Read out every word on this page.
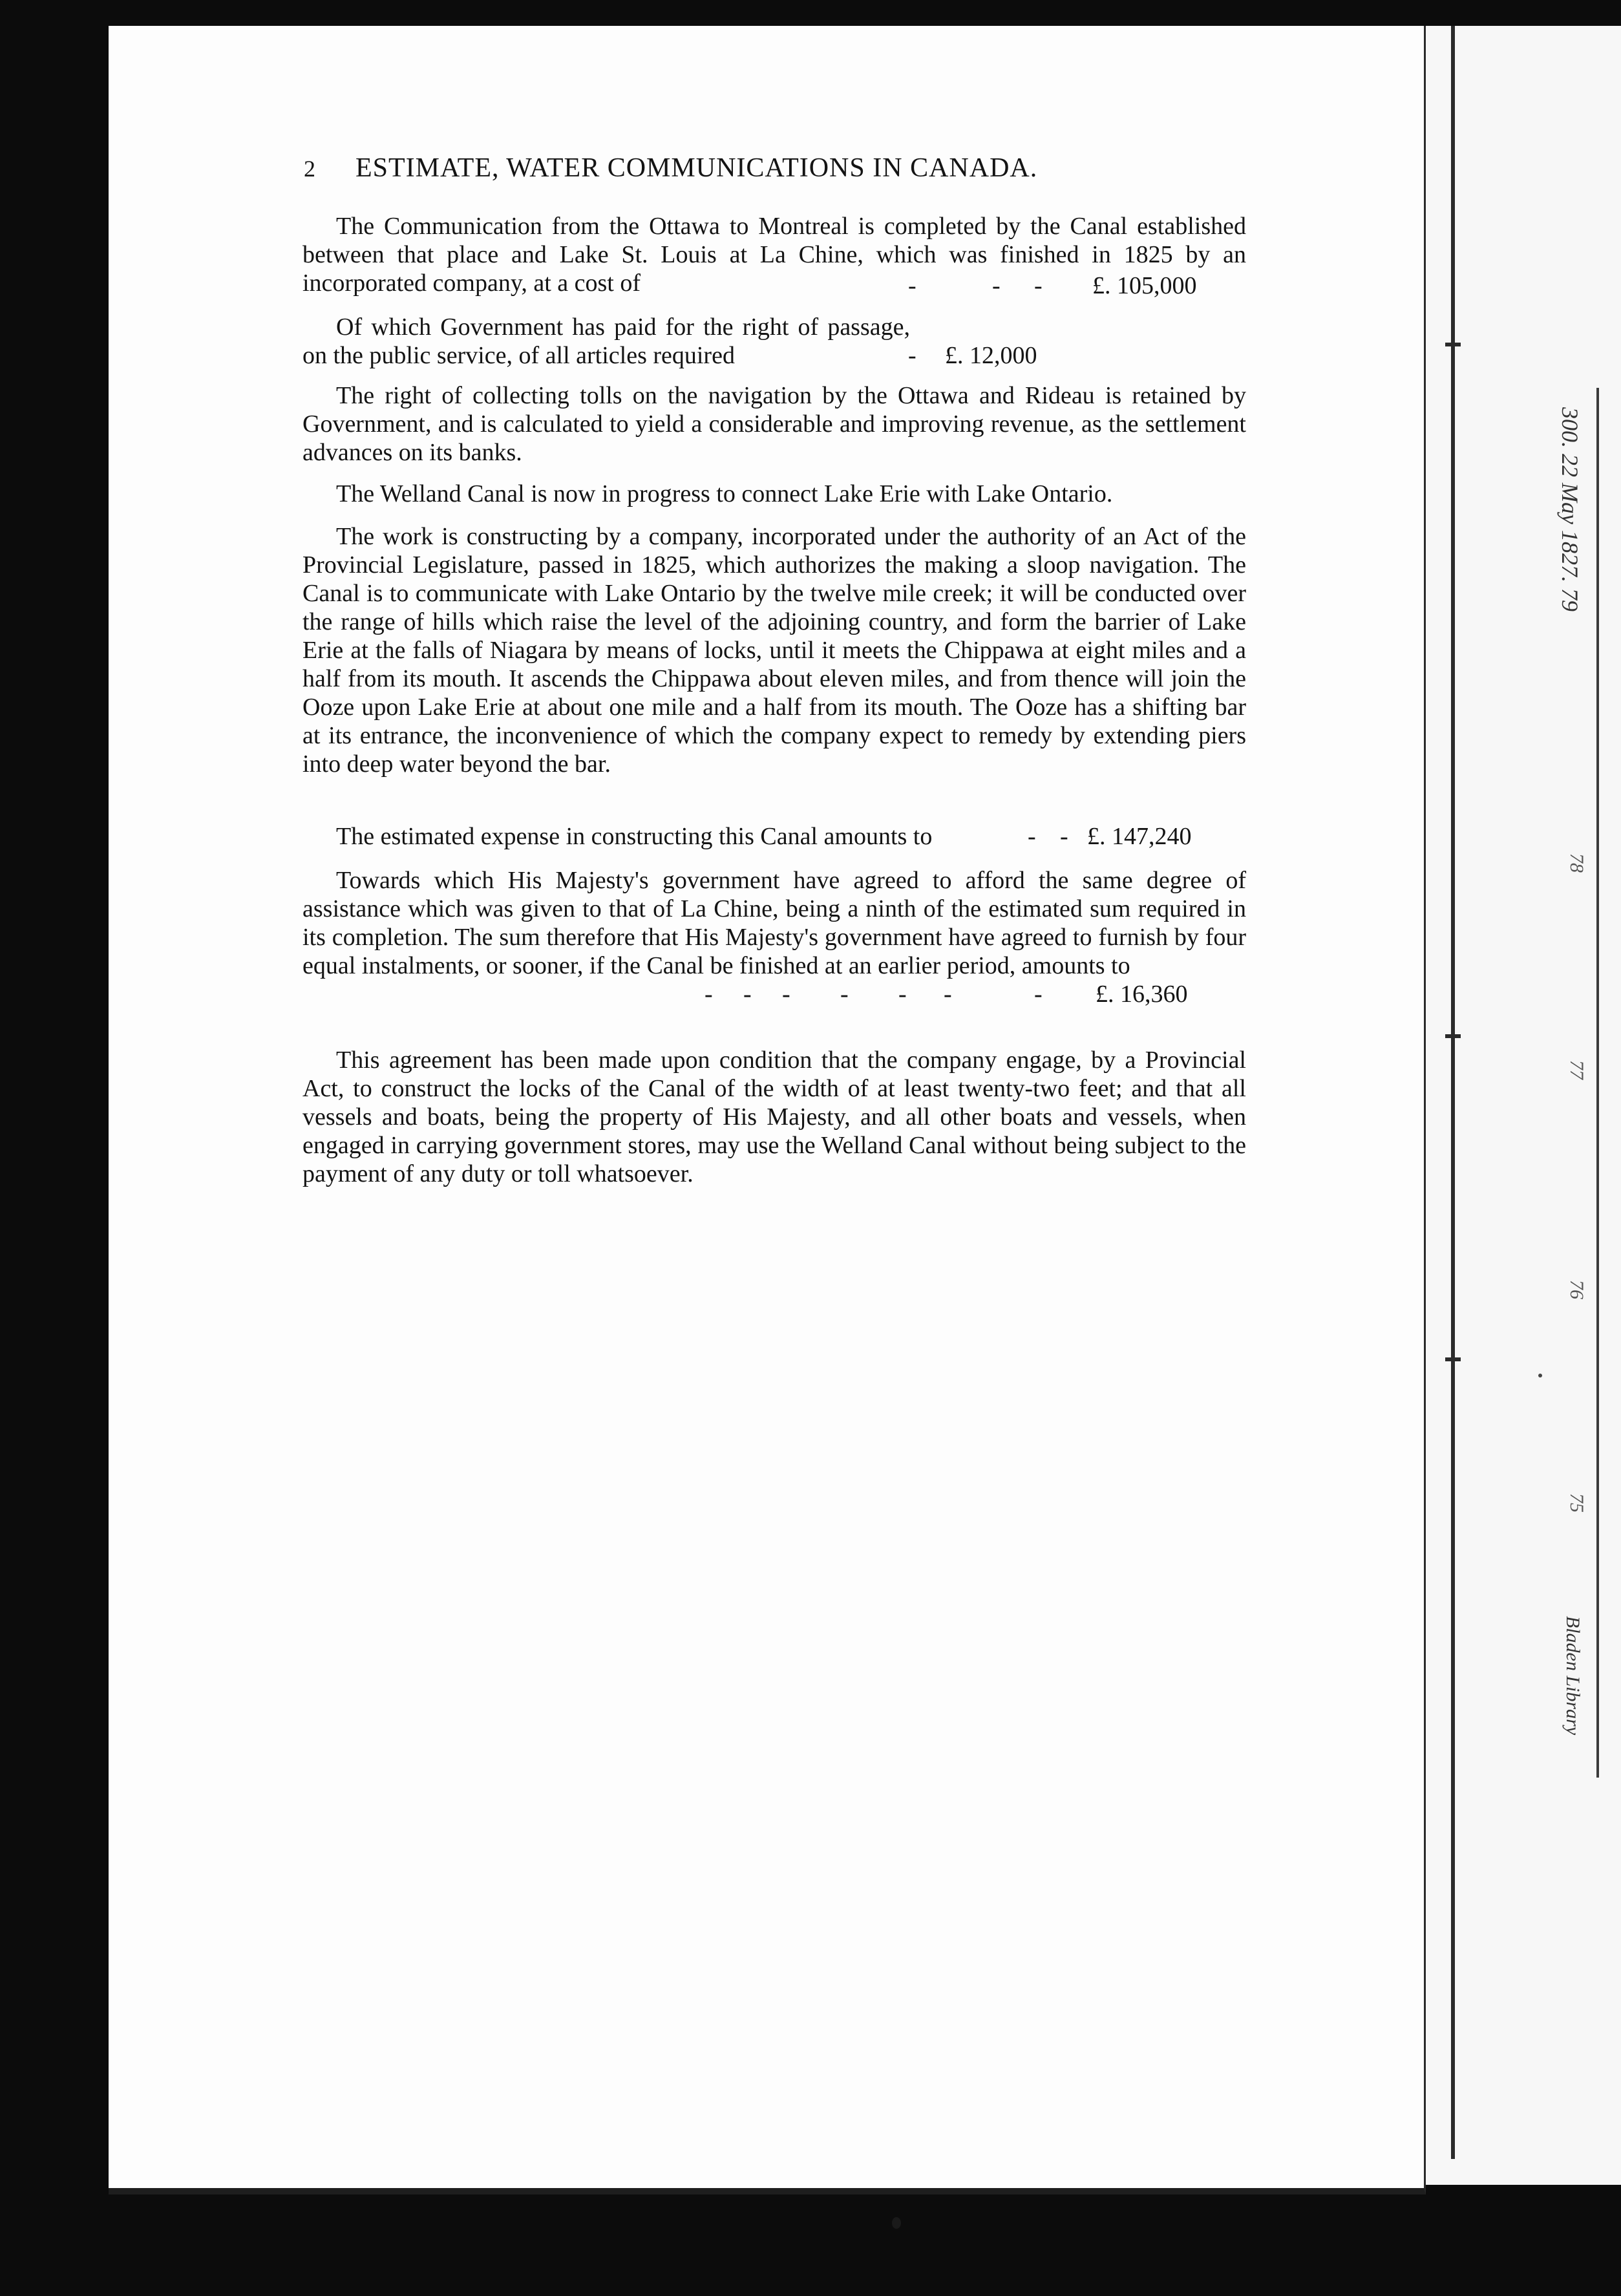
300. 22 May 1827. 79
78
77
76
75
Bladen Library
2 ESTIMATE, WATER COMMUNICATIONS IN CANADA.

The Communication from the Ottawa to Montreal is completed by the Canal established between that place and Lake St. Louis at La Chine, which was finished in 1825 by an incorporated company, at a cost of	-	- - £. 105,000

Of which Government has paid for the right of passage, on the public service, of all articles required	- £. 12,000

The right of collecting tolls on the navigation by the Ottawa and Rideau is retained by Government, and is calculated to yield a considerable and improving revenue, as the settlement advances on its banks.

The Welland Canal is now in progress to connect Lake Erie with Lake Ontario.

The work is constructing by a company, incorporated under the authority of an Act of the Provincial Legislature, passed in 1825, which authorizes the making a sloop navigation. The Canal is to communicate with Lake Ontario by the twelve mile creek; it will be conducted over the range of hills which raise the level of the adjoining country, and form the barrier of Lake Erie at the falls of Niagara by means of locks, until it meets the Chippawa at eight miles and a half from its mouth. It ascends the Chippawa about eleven miles, and from thence will join the Ooze upon Lake Erie at about one mile and a half from its mouth. The Ooze has a shifting bar at its entrance, the inconvenience of which the company expect to remedy by extending piers into deep water beyond the bar.

The estimated expense in constructing this Canal amounts to	- - £. 147,240

Towards which His Majesty's government have agreed to afford the same degree of assistance which was given to that of La Chine, being a ninth of the estimated sum required in its completion. The sum therefore that His Majesty's government have agreed to furnish by four equal instalments, or sooner, if the Canal be finished at an earlier period, amounts to

- - - - - -	- £. 16,360

This agreement has been made upon condition that the company engage, by a Provincial Act, to construct the locks of the Canal of the width of at least twenty-two feet; and that all vessels and boats, being the property of His Majesty, and all other boats and vessels, when engaged in carrying government stores, may use the Welland Canal without being subject to the payment of any duty or toll whatsoever.
